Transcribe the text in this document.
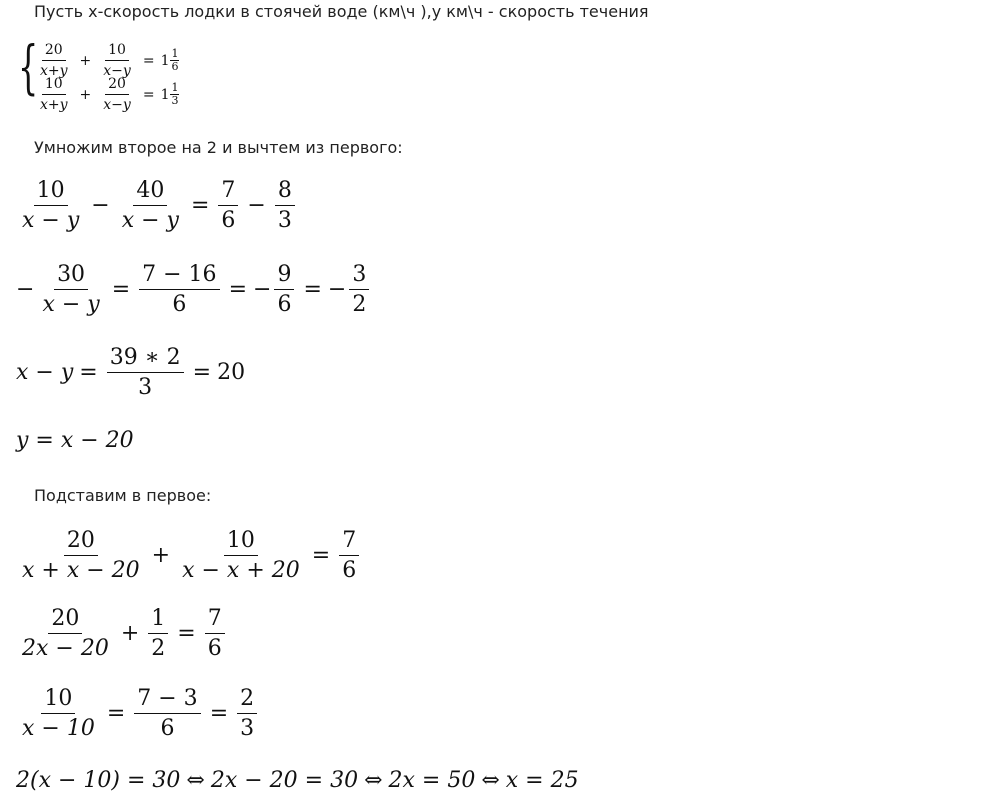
Пусть x-скорость лодки в стоячей воде (км\ч ),y км\ч - скорость течения
{
$\frac{20}{x+y} + \frac{10}{x-y} = 1 \frac{1}{6}$
$\frac{10}{x+y} + \frac{20}{x-y} = 1 \frac{1}{3}$
Умножим второе на 2 и вычтем из первого:
$\frac{10}{x - y} - \frac{40}{x - y} = \frac{7}{6} - \frac{8}{3}$
− $\frac{30}{x - y} = \frac{7 - 16}{6}$ = − $\frac{9}{6}$ = − $\frac{3}{2}$
$x - y = \frac{39 ∗ 2}{3} = 20$
y = x − 20
Подставим в первое:
$\frac{20}{x + x - 20} + \frac{10}{x - x + 20} = \frac{7}{6}$
$\frac{20}{2x - 20} + \frac{1}{2} = \frac{7}{6}$
$\frac{10}{x - 10} = \frac{7 - 3}{6} = \frac{2}{3}$
2(x − 10) = 30 ⇔ 2x − 20 = 30 ⇔ 2x = 50 ⇔ x = 25
